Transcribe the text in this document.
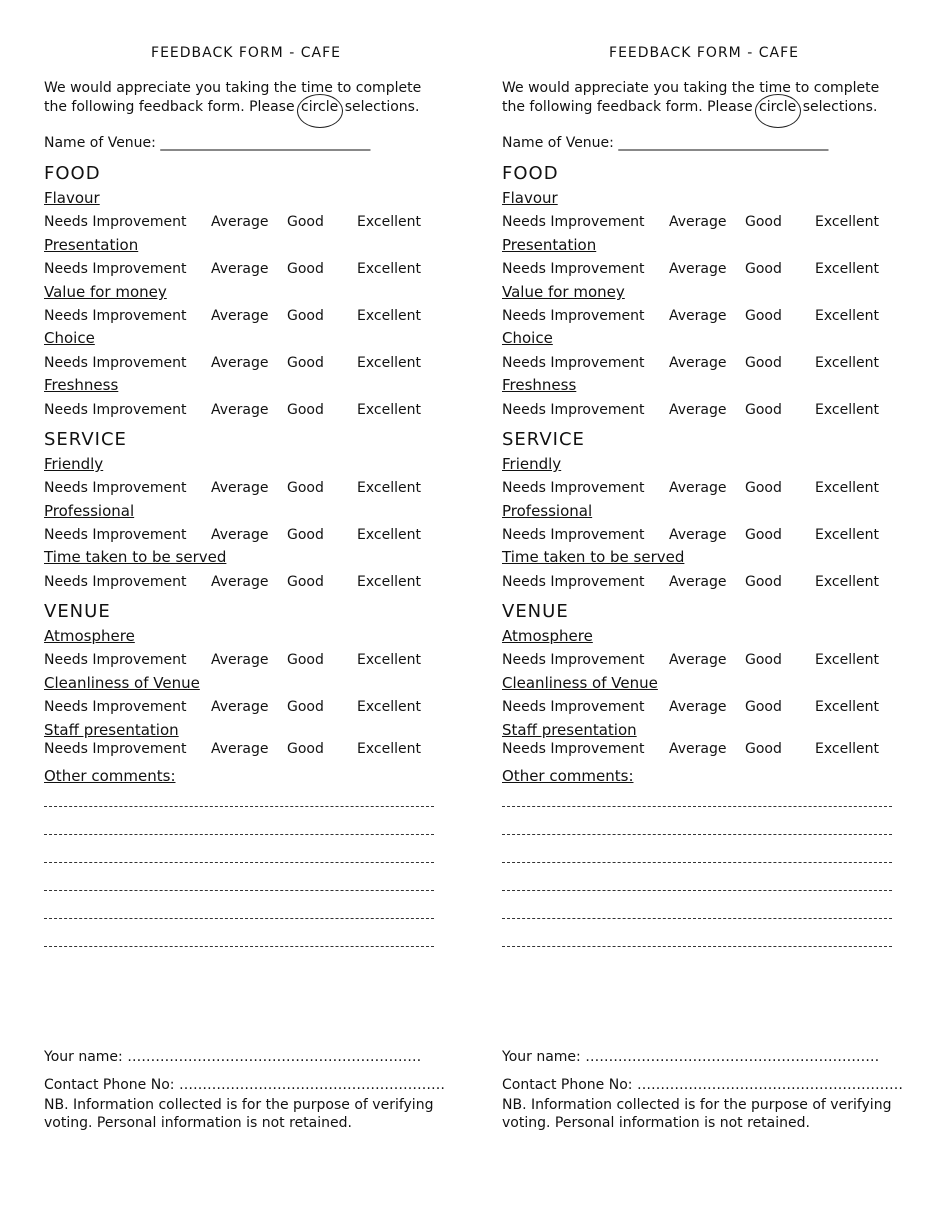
FEEDBACK FORM - CAFE
We would appreciate you taking the time to complete the following feedback form. Please circle selections.
Name of Venue: ______________________________
FOOD
Flavour
Needs Improvement Average Good Excellent
Presentation
Needs Improvement Average Good Excellent
Value for money
Needs Improvement Average Good Excellent
Choice
Needs Improvement Average Good Excellent
Freshness
Needs Improvement Average Good Excellent
SERVICE
Friendly
Needs Improvement Average Good Excellent
Professional
Needs Improvement Average Good Excellent
Time taken to be served
Needs Improvement Average Good Excellent
VENUE
Atmosphere
Needs Improvement Average Good Excellent
Cleanliness of Venue
Needs Improvement Average Good Excellent
Staff presentation
Needs Improvement Average Good Excellent
Other comments:
Your name: ………………………………………………………
Contact Phone No: …………………………………………………
NB. Information collected is for the purpose of verifying voting. Personal information is not retained.
FEEDBACK FORM - CAFE
We would appreciate you taking the time to complete the following feedback form. Please circle selections.
Name of Venue: ______________________________
FOOD
Flavour
Needs Improvement Average Good Excellent
Presentation
Needs Improvement Average Good Excellent
Value for money
Needs Improvement Average Good Excellent
Choice
Needs Improvement Average Good Excellent
Freshness
Needs Improvement Average Good Excellent
SERVICE
Friendly
Needs Improvement Average Good Excellent
Professional
Needs Improvement Average Good Excellent
Time taken to be served
Needs Improvement Average Good Excellent
VENUE
Atmosphere
Needs Improvement Average Good Excellent
Cleanliness of Venue
Needs Improvement Average Good Excellent
Staff presentation
Needs Improvement Average Good Excellent
Other comments:
Your name: ………………………………………………………
Contact Phone No: …………………………………………………
NB. Information collected is for the purpose of verifying voting. Personal information is not retained.
